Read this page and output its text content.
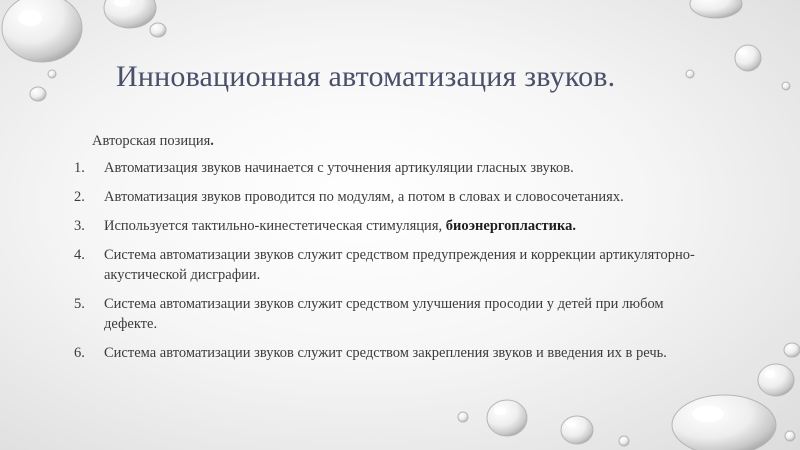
Инновационная автоматизация звуков.
Авторская позиция.
1. Автоматизация звуков начинается с уточнения артикуляции гласных звуков.
2. Автоматизация звуков проводится по модулям, а потом в словах и словосочетаниях.
3. Используется тактильно-кинестетическая стимуляция, биоэнергопластика.
4. Система автоматизации звуков служит средством предупреждения и коррекции артикуляторно-акустической дисграфии.
5. Система автоматизации звуков служит средством улучшения просодии у детей при любом дефекте.
6. Система автоматизации звуков служит средством закрепления звуков и введения их в речь.
